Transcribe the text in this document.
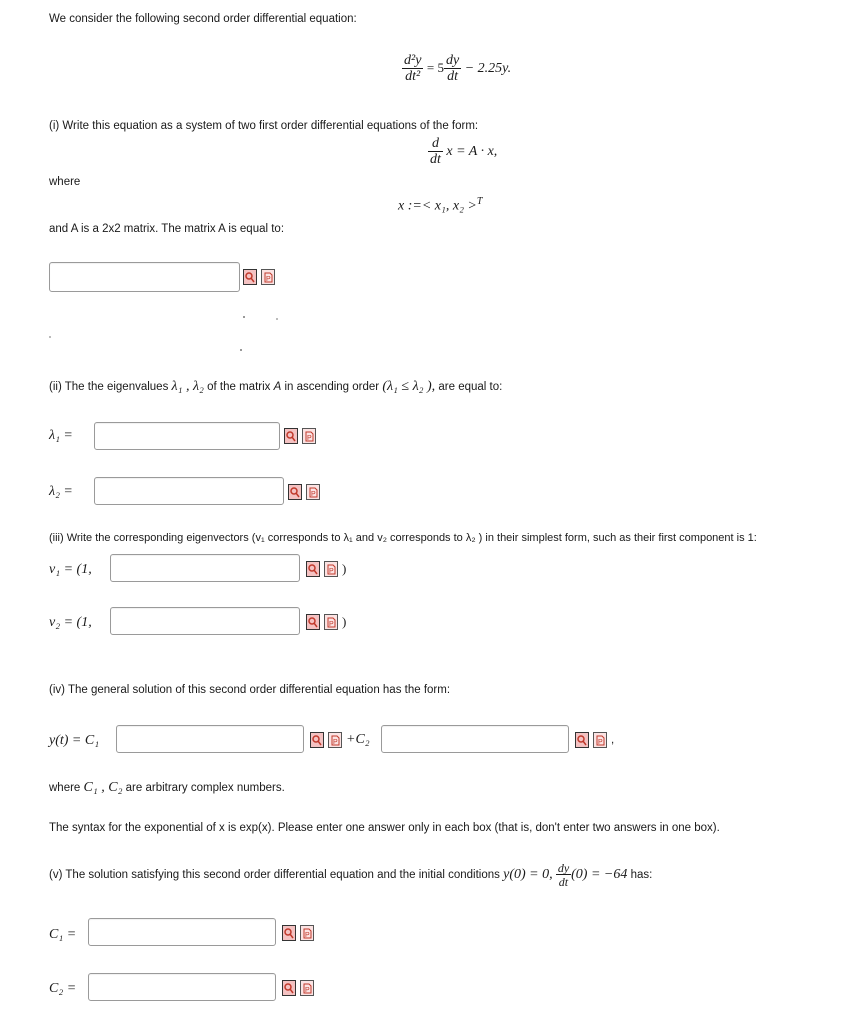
We consider the following second order differential equation:
$\frac{\text{d²y}}{\text{dt²}} = 5 \frac{dy}{dt} - 2.25y$.
(i) Write this equation as a system of two first order differential equations of the form:
$\frac{d}{dt}$ x = A · x,
where
x :=< x₁, x₂ >$^T$
and A is a 2x2 matrix. The matrix A is equal to:
P
(ii) The the eigenvalues λ₁ , λ₂ of the matrix A in ascending order (λ₁ ≤ λ₂ ), are equal to:
λ₁ =	P
λ₂ =	P
(iii) Write the corresponding eigenvectors (v₁ corresponds to λ₁ and v₂ corresponds to λ₂ ) in their simplest form, such as their first component is 1:
v₁ = (1,	P )
v₂ = (1,	P )
(iv) The general solution of this second order differential equation has the form:
y(t) = C₁	P +C₂	P ,
where C₁ , C₂ are arbitrary complex numbers.
The syntax for the exponential of x is exp(x). Please enter one answer only in each box (that is, don't enter two answers in one box).
(v) The solution satisfying this second order differential equation and the initial conditions y(0) = 0, $\frac{dy}{dt} (0) = -64$ has:
C₁ =	P
C₂ =	P
